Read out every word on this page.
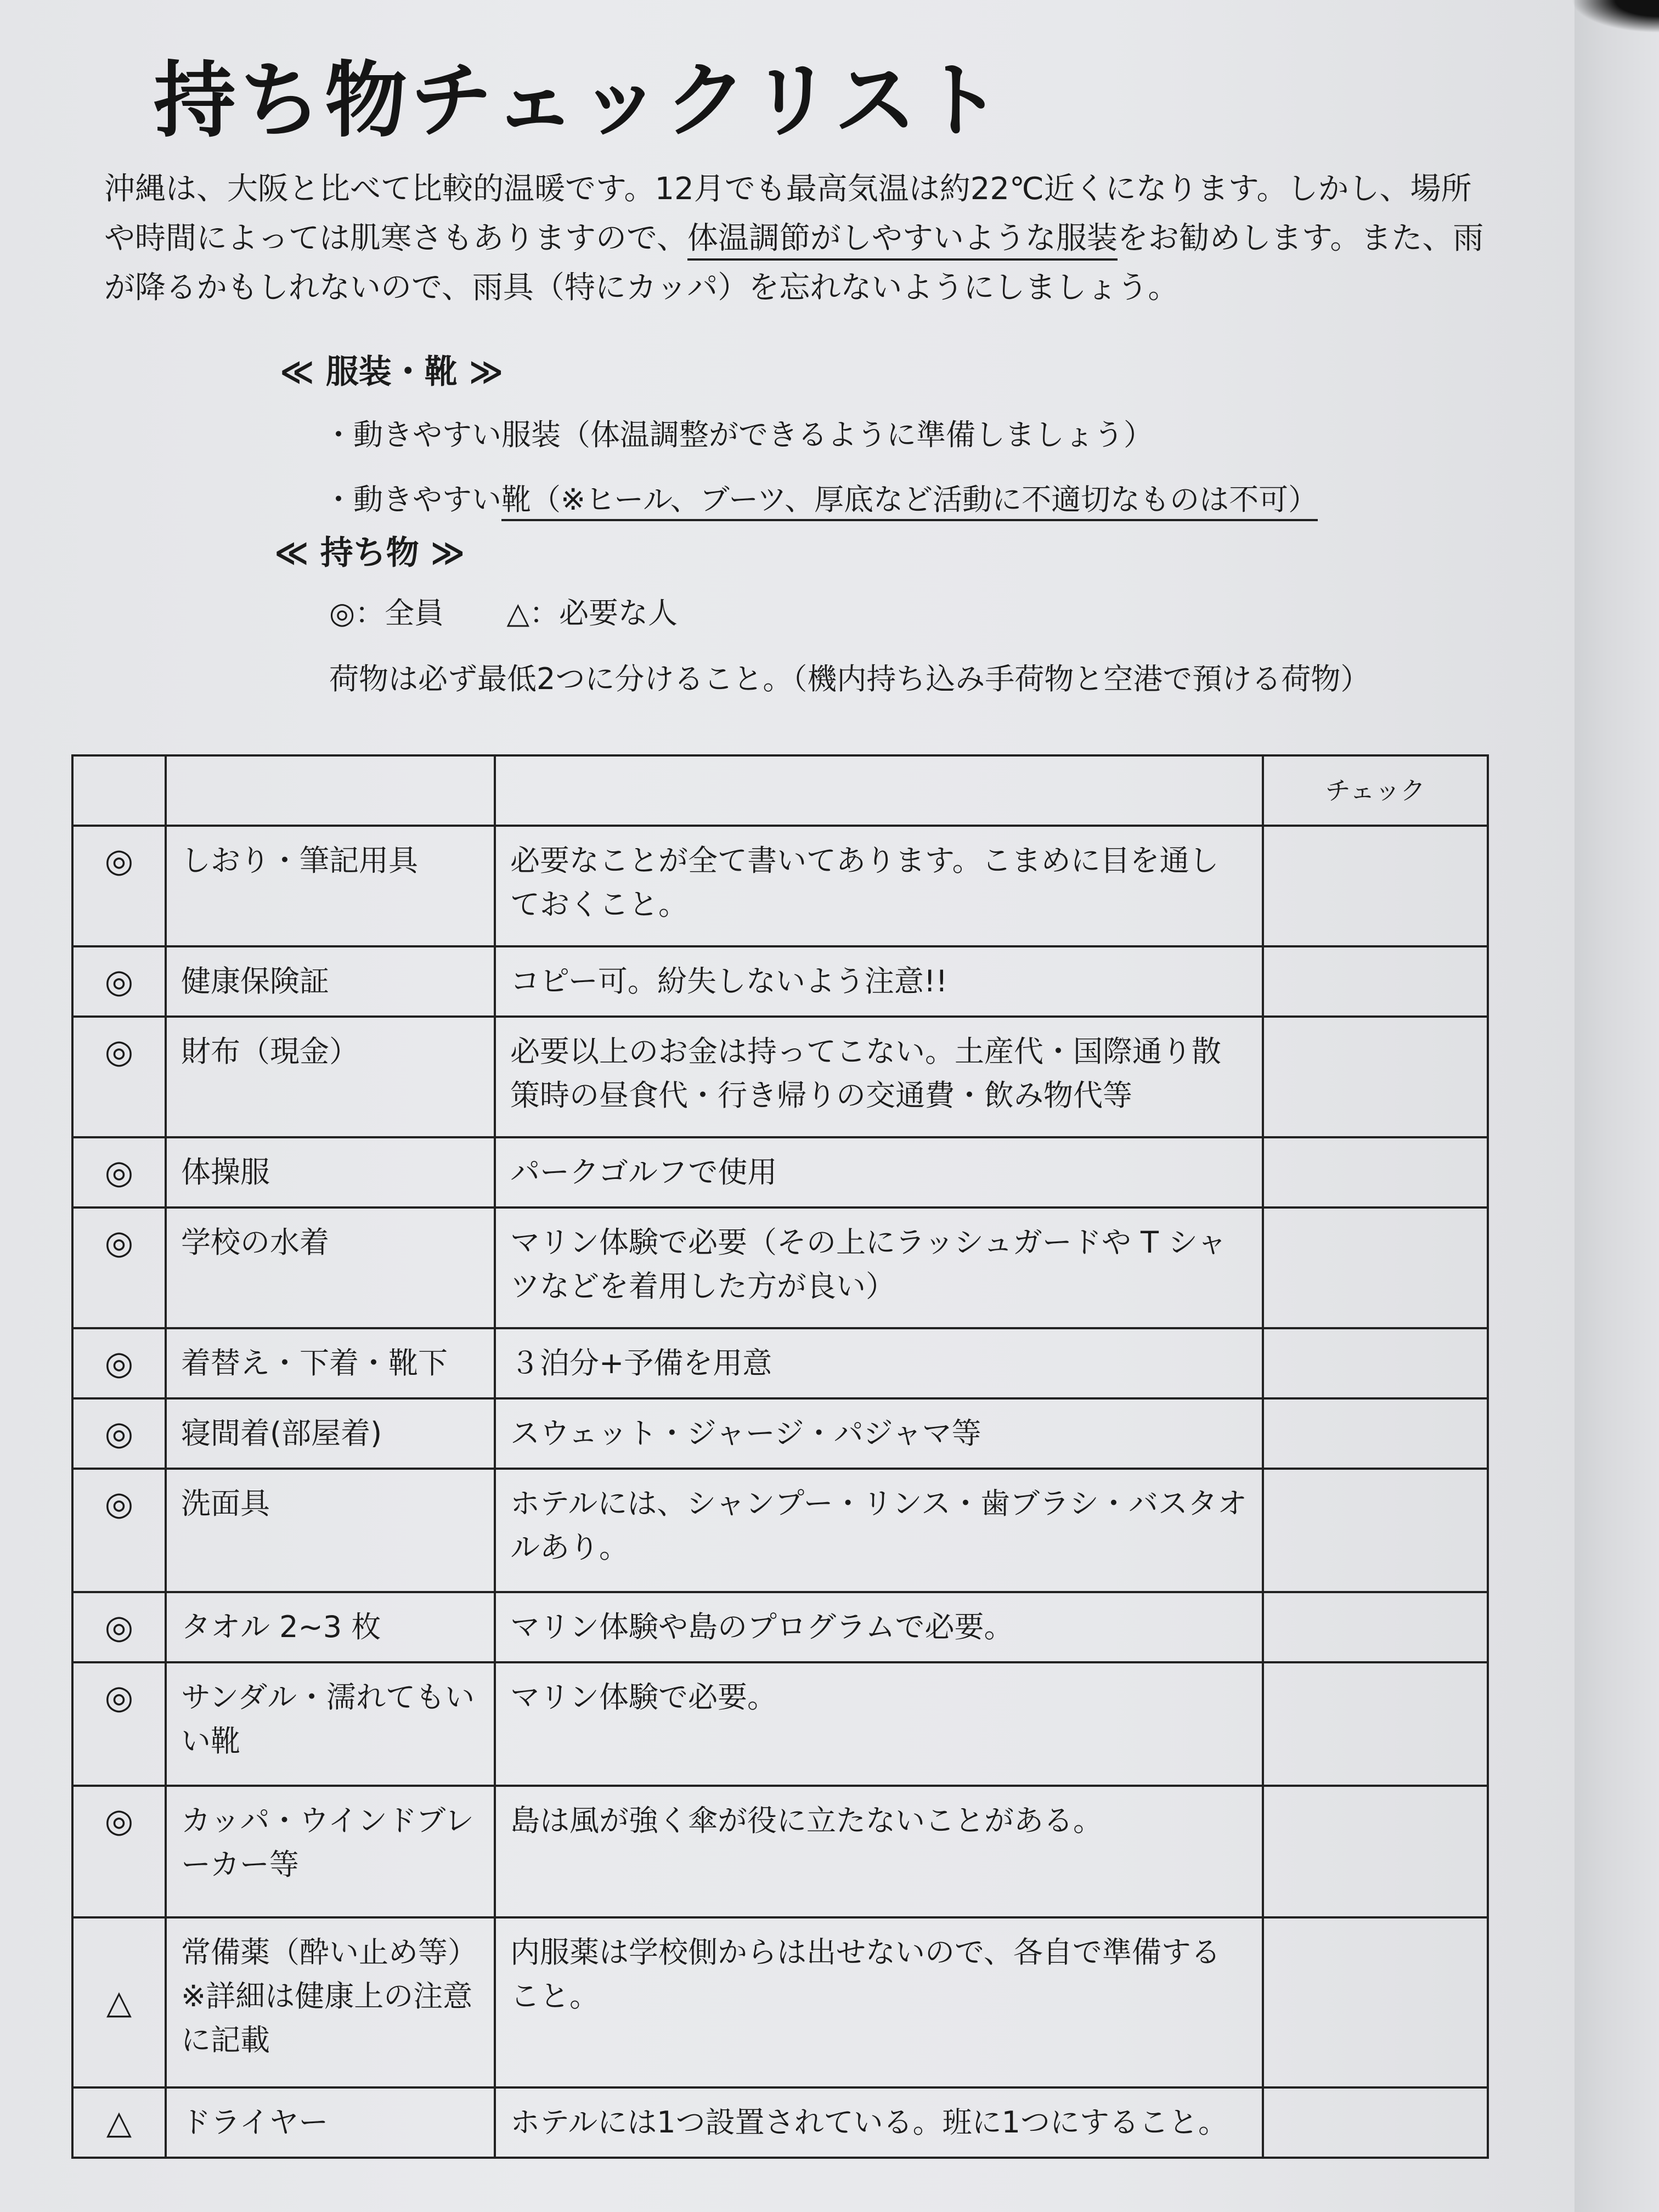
持ち物チェックリスト

沖縄は、大阪と比べて比較的温暖です。12月でも最高気温は約22℃近くになります。しかし、場所や時間によっては肌寒さもありますので、体温調節がしやすいような服装をお勧めします。また、雨が降るかもしれないので、雨具（特にカッパ）を忘れないようにしましょう。

≪ 服装・靴 ≫
・動きやすい服装（体温調整ができるように準備しましょう）
・動きやすい靴（※ヒール、ブーツ、厚底など活動に不適切なものは不可）
≪ 持ち物 ≫
◎：全員 △：必要な人
荷物は必ず最低2つに分けること。（機内持ち込み手荷物と空港で預ける荷物）
			チェック
◎	しおり・筆記用具	必要なことが全て書いてあります。こまめに目を通しておくこと。	
◎	健康保険証	コピー可。紛失しないよう注意!!	
◎	財布（現金）	必要以上のお金は持ってこない。土産代・国際通り散策時の昼食代・行き帰りの交通費・飲み物代等	
◎	体操服	パークゴルフで使用	
◎	学校の水着	マリン体験で必要（その上にラッシュガードや T シャツなどを着用した方が良い）	
◎	着替え・下着・靴下	３泊分+予備を用意	
◎	寝間着(部屋着)	スウェット・ジャージ・パジャマ等	
◎	洗面具	ホテルには、シャンプー・リンス・歯ブラシ・バスタオルあり。	
◎	タオル 2~3 枚	マリン体験や島のプログラムで必要。	
◎	サンダル・濡れてもいい靴	マリン体験で必要。	
◎	カッパ・ウインドブレーカー等	島は風が強く傘が役に立たないことがある。	
△	常備薬（酔い止め等）※詳細は健康上の注意に記載	内服薬は学校側からは出せないので、各自で準備すること。	
△	ドライヤー	ホテルには1つ設置されている。班に1つにすること。	
